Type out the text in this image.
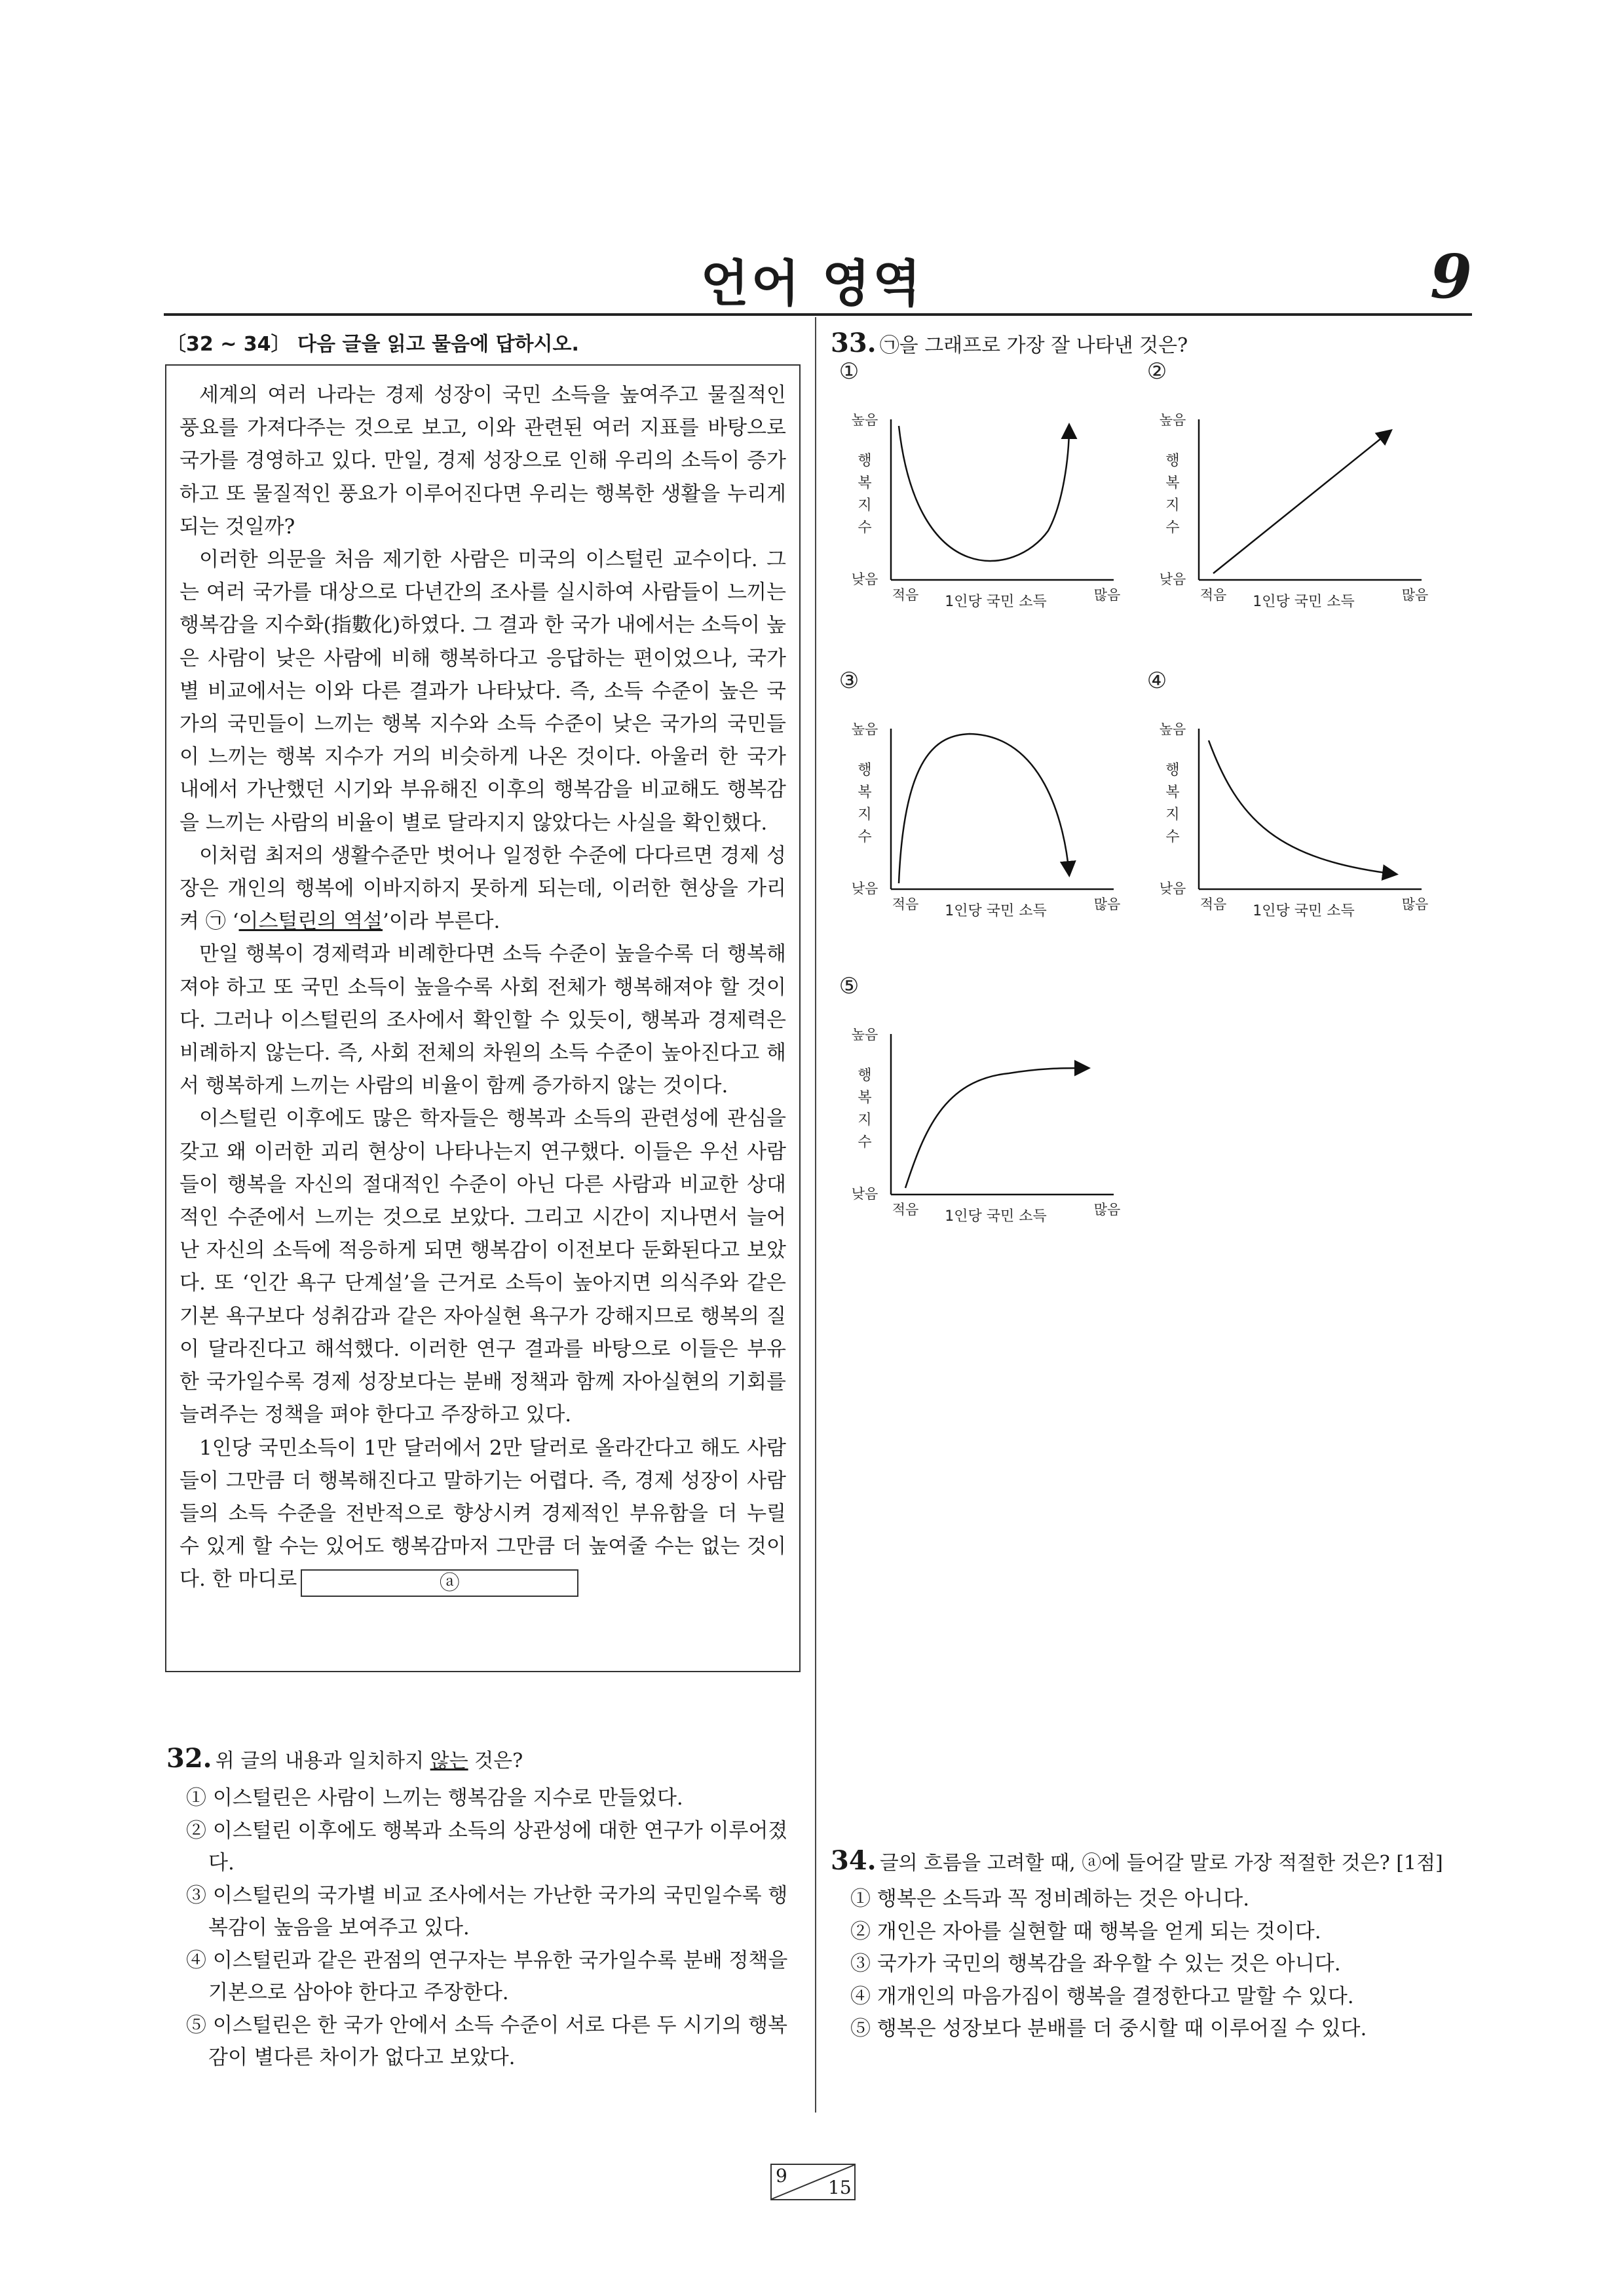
언어 영역	9
〔32 ~ 34〕 다음 글을 읽고 물음에 답하시오.

세계의 여러 나라는 경제 성장이 국민 소득을 높여주고 물질적인 풍요를 가져다주는 것으로 보고, 이와 관련된 여러 지표를 바탕으로 국가를 경영하고 있다. 만일, 경제 성장으로 인해 우리의 소득이 증가하고 또 물질적인 풍요가 이루어진다면 우리는 행복한 생활을 누리게 되는 것일까?

이러한 의문을 처음 제기한 사람은 미국의 이스털린 교수이다. 그는 여러 국가를 대상으로 다년간의 조사를 실시하여 사람들이 느끼는 행복감을 지수화(指數化)하였다. 그 결과 한 국가 내에서는 소득이 높은 사람이 낮은 사람에 비해 행복하다고 응답하는 편이었으나, 국가별 비교에서는 이와 다른 결과가 나타났다. 즉, 소득 수준이 높은 국가의 국민들이 느끼는 행복 지수와 소득 수준이 낮은 국가의 국민들이 느끼는 행복 지수가 거의 비슷하게 나온 것이다. 아울러 한 국가 내에서 가난했던 시기와 부유해진 이후의 행복감을 비교해도 행복감을 느끼는 사람의 비율이 별로 달라지지 않았다는 사실을 확인했다.

이처럼 최저의 생활수준만 벗어나 일정한 수준에 다다르면 경제 성장은 개인의 행복에 이바지하지 못하게 되는데, 이러한 현상을 가리켜 ㉠ ‘이스털린의 역설’이라 부른다.

만일 행복이 경제력과 비례한다면 소득 수준이 높을수록 더 행복해져야 하고 또 국민 소득이 높을수록 사회 전체가 행복해져야 할 것이다. 그러나 이스털린의 조사에서 확인할 수 있듯이, 행복과 경제력은 비례하지 않는다. 즉, 사회 전체의 차원의 소득 수준이 높아진다고 해서 행복하게 느끼는 사람의 비율이 함께 증가하지 않는 것이다.

이스털린 이후에도 많은 학자들은 행복과 소득의 관련성에 관심을 갖고 왜 이러한 괴리 현상이 나타나는지 연구했다. 이들은 우선 사람들이 행복을 자신의 절대적인 수준이 아닌 다른 사람과 비교한 상대적인 수준에서 느끼는 것으로 보았다. 그리고 시간이 지나면서 늘어난 자신의 소득에 적응하게 되면 행복감이 이전보다 둔화된다고 보았다. 또 ‘인간 욕구 단계설’을 근거로 소득이 높아지면 의식주와 같은 기본 욕구보다 성취감과 같은 자아실현 욕구가 강해지므로 행복의 질이 달라진다고 해석했다. 이러한 연구 결과를 바탕으로 이들은 부유한 국가일수록 경제 성장보다는 분배 정책과 함께 자아실현의 기회를 늘려주는 정책을 펴야 한다고 주장하고 있다.

1인당 국민소득이 1만 달러에서 2만 달러로 올라간다고 해도 사람들이 그만큼 더 행복해진다고 말하기는 어렵다. 즉, 경제 성장이 사람들의 소득 수준을 전반적으로 향상시켜 경제적인 부유함을 더 누릴 수 있게 할 수는 있어도 행복감마저 그만큼 더 높여줄 수는 없는 것이다. 한 마디로	ⓐ

32. 위 글의 내용과 일치하지 않는 것은?
① 이스털린은 사람이 느끼는 행복감을 지수로 만들었다.
② 이스털린 이후에도 행복과 소득의 상관성에 대한 연구가 이루어졌다.
③ 이스털린의 국가별 비교 조사에서는 가난한 국가의 국민일수록 행복감이 높음을 보여주고 있다.
④ 이스털린과 같은 관점의 연구자는 부유한 국가일수록 분배 정책을 기본으로 삼아야 한다고 주장한다.
⑤ 이스털린은 한 국가 안에서 소득 수준이 서로 다른 두 시기의 행복감이 별다른 차이가 없다고 보았다.
33. ㉠을 그래프로 가장 잘 나타낸 것은?
①
높음
낮음
행
복
지
수
적음 1인당 국민 소득	많음
②
높음
낮음
행
복
지
수
적음 1인당 국민 소득	많음
③
높음
낮음
행
복
지
수
적음 1인당 국민 소득	많음
④
높음
낮음
행
복
지
수
적음 1인당 국민 소득	많음
⑤
높음
낮음
행
복
지
수
적음 1인당 국민 소득	많음
34. 글의 흐름을 고려할 때, ⓐ에 들어갈 말로 가장 적절한 것은? [1점]
① 행복은 소득과 꼭 정비례하는 것은 아니다.
② 개인은 자아를 실현할 때 행복을 얻게 되는 것이다.
③ 국가가 국민의 행복감을 좌우할 수 있는 것은 아니다.
④ 개개인의 마음가짐이 행복을 결정한다고 말할 수 있다.
⑤ 행복은 성장보다 분배를 더 중시할 때 이루어질 수 있다.
9
15
